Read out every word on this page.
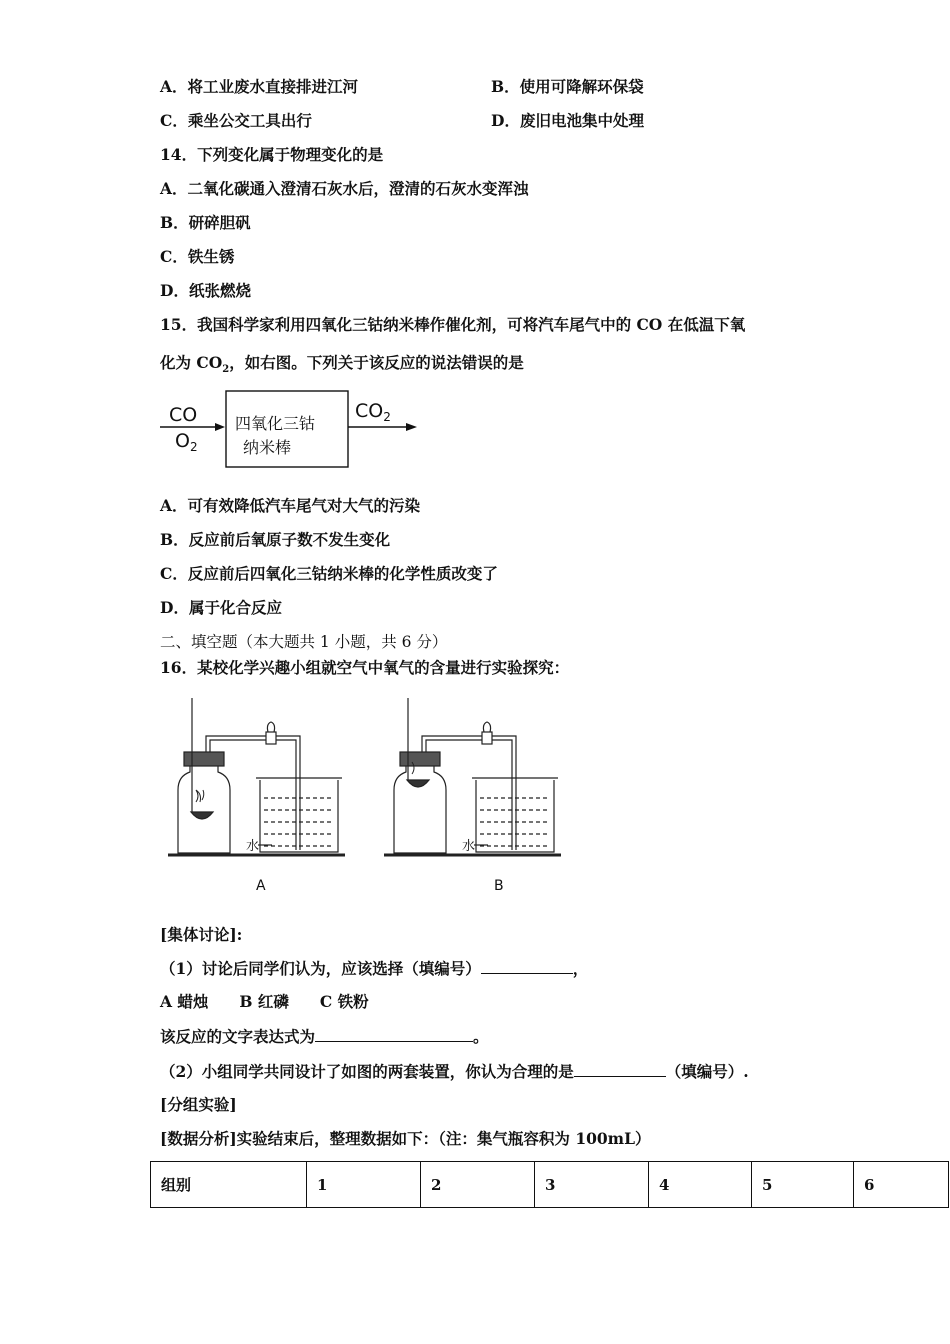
A．将工业废水直接排进江河	B．使用可降解环保袋
C．乘坐公交工具出行	D．废旧电池集中处理
14．下列变化属于物理变化的是
A．二氧化碳通入澄清石灰水后，澄清的石灰水变浑浊
B．研碎胆矾
C．铁生锈
D．纸张燃烧
15．我国科学家利用四氧化三钴纳米棒作催化剂，可将汽车尾气中的 CO 在低温下氧
化为 $CO_2$，如右图。下列关于该反应的说法错误的是
CO
$O_2$
$CO_2$
四氧化三钴
纳米棒
A．可有效降低汽车尾气对大气的污染
B．反应前后氧原子数不发生变化
C．反应前后四氧化三钴纳米棒的化学性质改变了
D．属于化合反应
二、填空题（本大题共 1 小题，共 6 分）
16．某校化学兴趣小组就空气中氧气的含量进行实验探究：
水
A
水
B
[集体讨论]:
（1）讨论后同学们认为，应该选择（填编号）	，
A 蜡烛　　B 红磷　　C 铁粉
该反应的文字表达式为	。
（2）小组同学共同设计了如图的两套装置，你认为合理的是	（填编号）.
[分组实验]
[数据分析]实验结束后，整理数据如下：（注：集气瓶容积为 100mL）
组别	1	2	3	4	5	6
